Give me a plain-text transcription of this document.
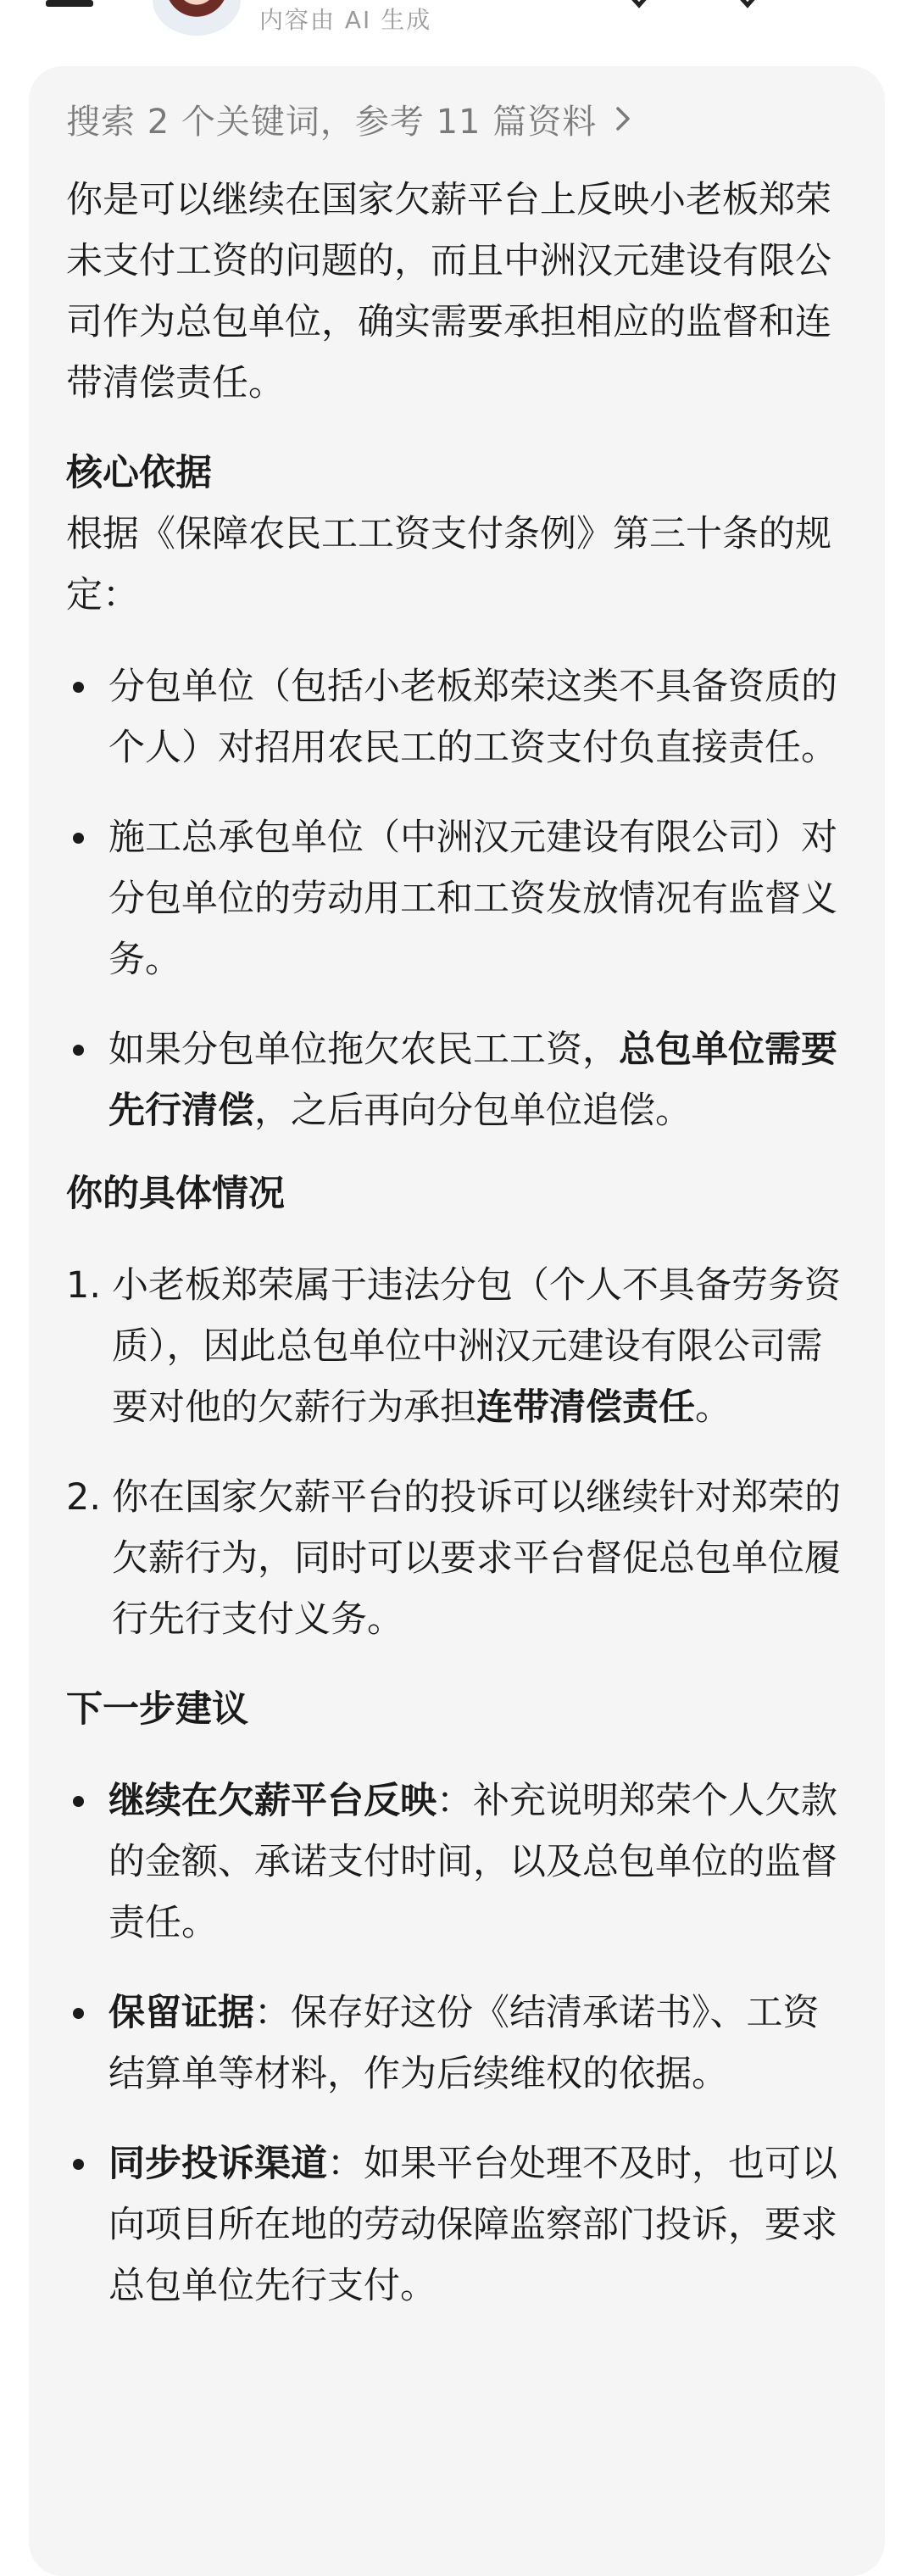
内容由 AI 生成
搜索 2 个关键词，参考 11 篇资料

你是可以继续在国家欠薪平台上反映小老板郑荣未支付工资的问题的，而且中洲汉元建设有限公司作为总包单位，确实需要承担相应的监督和连带清偿责任。

核心依据

根据《保障农民工工资支付条例》第三十条的规定：

分包单位（包括小老板郑荣这类不具备资质的个人）对招用农民工的工资支付负直接责任。
施工总承包单位（中洲汉元建设有限公司）对分包单位的劳动用工和工资发放情况有监督义务。
如果分包单位拖欠农民工工资，总包单位需要先行清偿，之后再向分包单位追偿。
你的具体情况
1. 小老板郑荣属于违法分包（个人不具备劳务资质），因此总包单位中洲汉元建设有限公司需要对他的欠薪行为承担连带清偿责任。
2. 你在国家欠薪平台的投诉可以继续针对郑荣的欠薪行为，同时可以要求平台督促总包单位履行先行支付义务。
下一步建议
继续在欠薪平台反映：补充说明郑荣个人欠款的金额、承诺支付时间，以及总包单位的监督责任。
保留证据：保存好这份《结清承诺书》、工资结算单等材料，作为后续维权的依据。
同步投诉渠道：如果平台处理不及时，也可以向项目所在地的劳动保障监察部门投诉，要求总包单位先行支付。
